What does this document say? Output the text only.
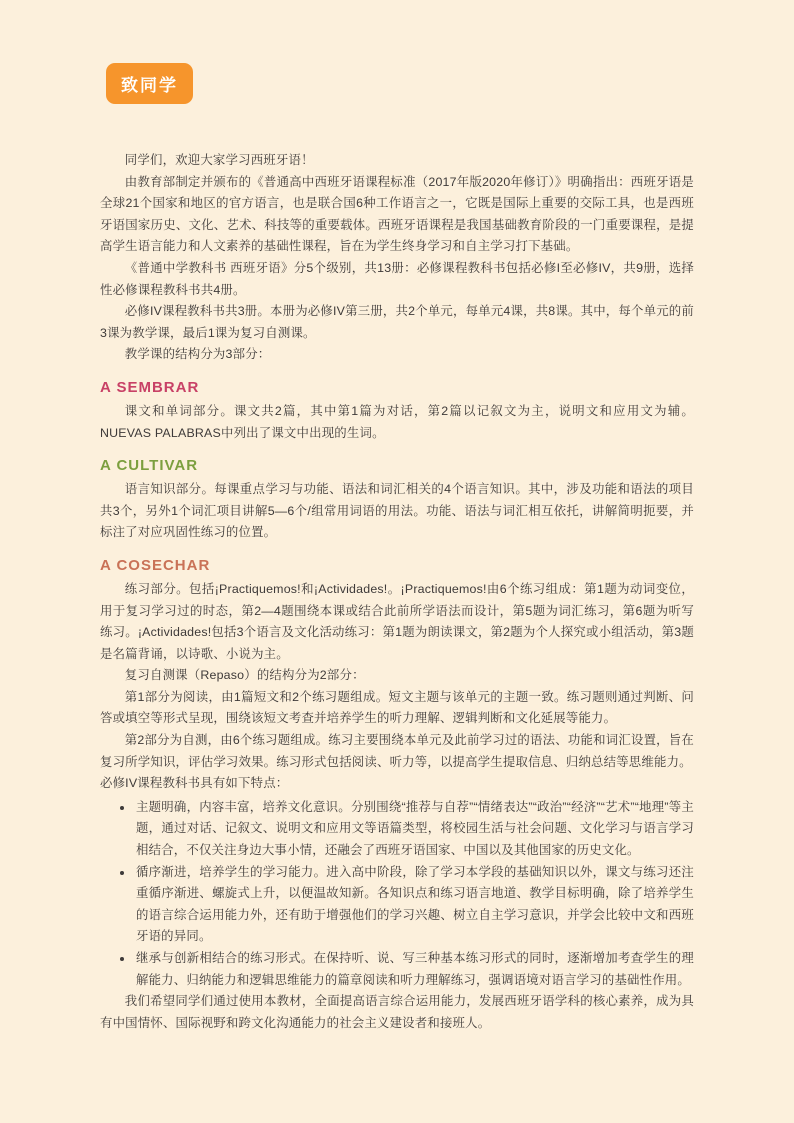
致同学

同学们，欢迎大家学习西班牙语！

由教育部制定并颁布的《普通高中西班牙语课程标准（2017年版2020年修订）》明确指出：西班牙语是全球21个国家和地区的官方语言，也是联合国6种工作语言之一，它既是国际上重要的交际工具，也是西班牙语国家历史、文化、艺术、科技等的重要载体。西班牙语课程是我国基础教育阶段的一门重要课程，是提高学生语言能力和人文素养的基础性课程，旨在为学生终身学习和自主学习打下基础。

《普通中学教科书 西班牙语》分5个级别，共13册：必修课程教科书包括必修I至必修IV，共9册，选择性必修课程教科书共4册。

必修IV课程教科书共3册。本册为必修IV第三册，共2个单元，每单元4课，共8课。其中，每个单元的前3课为教学课，最后1课为复习自测课。

教学课的结构分为3部分：

A SEMBRAR

课文和单词部分。课文共2篇，其中第1篇为对话，第2篇以记叙文为主，说明文和应用文为辅。NUEVAS PALABRAS中列出了课文中出现的生词。

A CULTIVAR

语言知识部分。每课重点学习与功能、语法和词汇相关的4个语言知识。其中，涉及功能和语法的项目共3个，另外1个词汇项目讲解5—6个/组常用词语的用法。功能、语法与词汇相互依托，讲解简明扼要，并标注了对应巩固性练习的位置。

A COSECHAR

练习部分。包括¡Practiquemos!和¡Actividades!。¡Practiquemos!由6个练习组成：第1题为动词变位，用于复习学习过的时态，第2—4题围绕本课或结合此前所学语法而设计，第5题为词汇练习，第6题为听写练习。¡Actividades!包括3个语言及文化活动练习：第1题为朗读课文，第2题为个人探究或小组活动，第3题是名篇背诵，以诗歌、小说为主。

复习自测课（Repaso）的结构分为2部分：

第1部分为阅读，由1篇短文和2个练习题组成。短文主题与该单元的主题一致。练习题则通过判断、问答或填空等形式呈现，围绕该短文考查并培养学生的听力理解、逻辑判断和文化延展等能力。

第2部分为自测，由6个练习题组成。练习主要围绕本单元及此前学习过的语法、功能和词汇设置，旨在复习所学知识，评估学习效果。练习形式包括阅读、听力等，以提高学生提取信息、归纳总结等思维能力。

必修IV课程教科书具有如下特点：

• 主题明确，内容丰富，培养文化意识。分别围绕“推荐与自荐”“情绪表达”“政治”“经济”“艺术”“地理”等主题，通过对话、记叙文、说明文和应用文等语篇类型，将校园生活与社会问题、文化学习与语言学习相结合，不仅关注身边大事小情，还融会了西班牙语国家、中国以及其他国家的历史文化。
• 循序渐进，培养学生的学习能力。进入高中阶段，除了学习本学段的基础知识以外，课文与练习还注重循序渐进、螺旋式上升，以便温故知新。各知识点和练习语言地道、教学目标明确，除了培养学生的语言综合运用能力外，还有助于增强他们的学习兴趣、树立自主学习意识，并学会比较中文和西班牙语的异同。
• 继承与创新相结合的练习形式。在保持听、说、写三种基本练习形式的同时，逐渐增加考查学生的理解能力、归纳能力和逻辑思维能力的篇章阅读和听力理解练习，强调语境对语言学习的基础性作用。

我们希望同学们通过使用本教材，全面提高语言综合运用能力，发展西班牙语学科的核心素养，成为具有中国情怀、国际视野和跨文化沟通能力的社会主义建设者和接班人。
